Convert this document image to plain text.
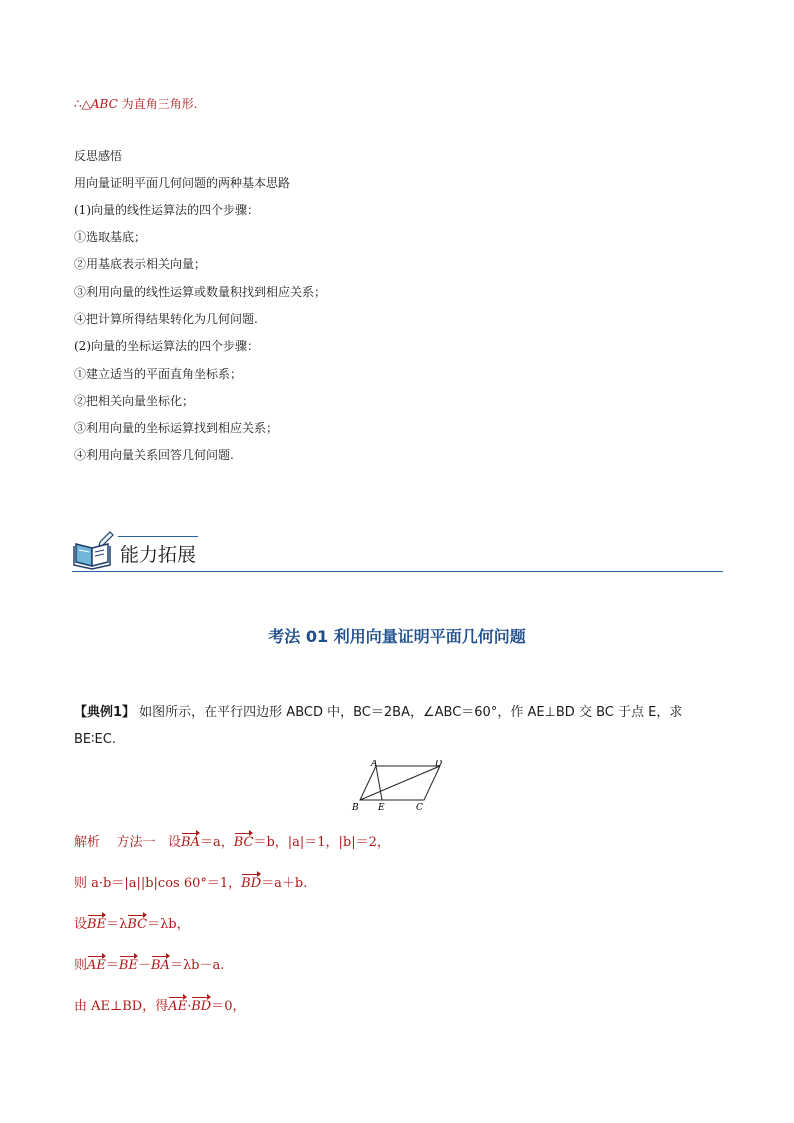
∴△ABC 为直角三角形.
反思感悟
用向量证明平面几何问题的两种基本思路
(1)向量的线性运算法的四个步骤：
①选取基底；
②用基底表示相关向量；
③利用向量的线性运算或数量积找到相应关系；
④把计算所得结果转化为几何问题.
(2)向量的坐标运算法的四个步骤：
①建立适当的平面直角坐标系；
②把相关向量坐标化；
③利用向量的坐标运算找到相应关系；
④利用向量关系回答几何问题.
能力拓展
考法 01 利用向量证明平面几何问题
【典例1】 如图所示，在平行四边形 ABCD 中，BC＝2BA，∠ABC＝60°，作 AE⊥BD 交 BC 于点 E，求
BE∶EC.
A	D
B E	C
解析 方法一 设BA＝a，BC＝b，|a|＝1，|b|＝2，
则 a·b＝|a||b|cos 60°＝1，BD＝a＋b.
设BE＝λBC＝λb，
则AE＝BE－BA＝λb－a.
由 AE⊥BD，得AE·BD＝0，
